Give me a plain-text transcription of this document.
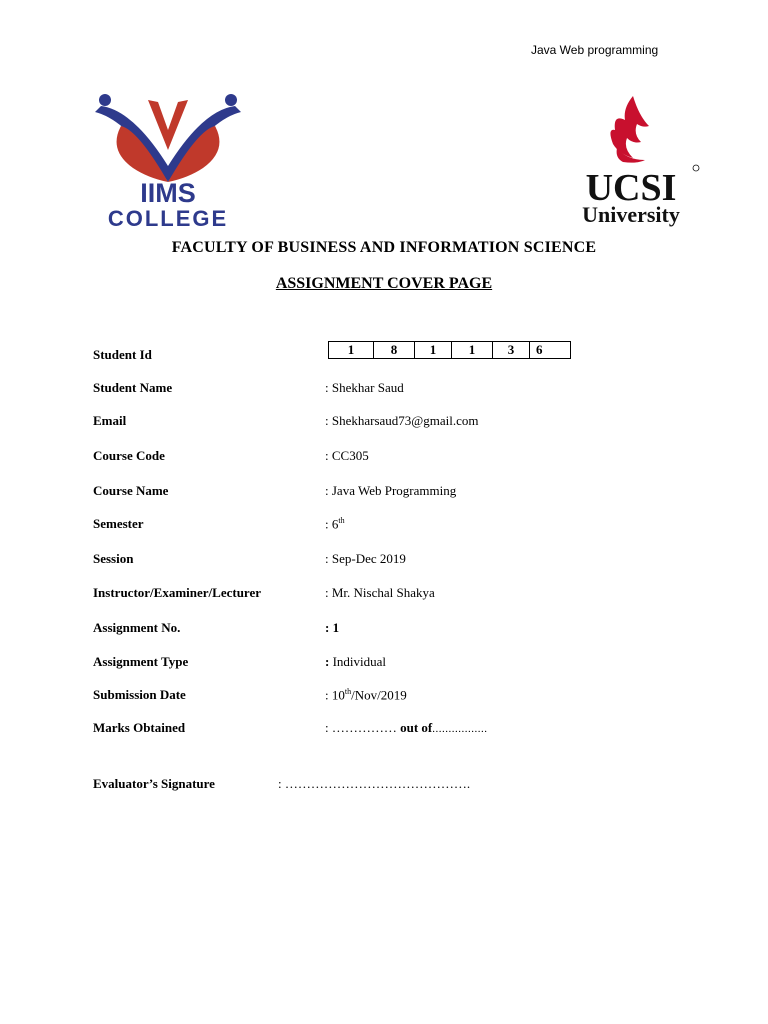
Java Web programming
IIMS
COLLEGE
UCSI
University
FACULTY OF BUSINESS AND INFORMATION SCIENCE
ASSIGNMENT COVER PAGE
Student Id	1	8	1	1	3	6
Student Name	: Shekhar Saud
Email	: Shekharsaud73@gmail.com
Course Code	: CC305
Course Name	: Java Web Programming
Semester	: 6th
Session	: Sep-Dec 2019
Instructor/Examiner/Lecturer	: Mr. Nischal Shakya
Assignment No.	: 1
Assignment Type	: Individual
Submission Date	: 10th/Nov/2019
Marks Obtained	: …………… out of.................
Evaluator’s Signature	: …………………………………….
